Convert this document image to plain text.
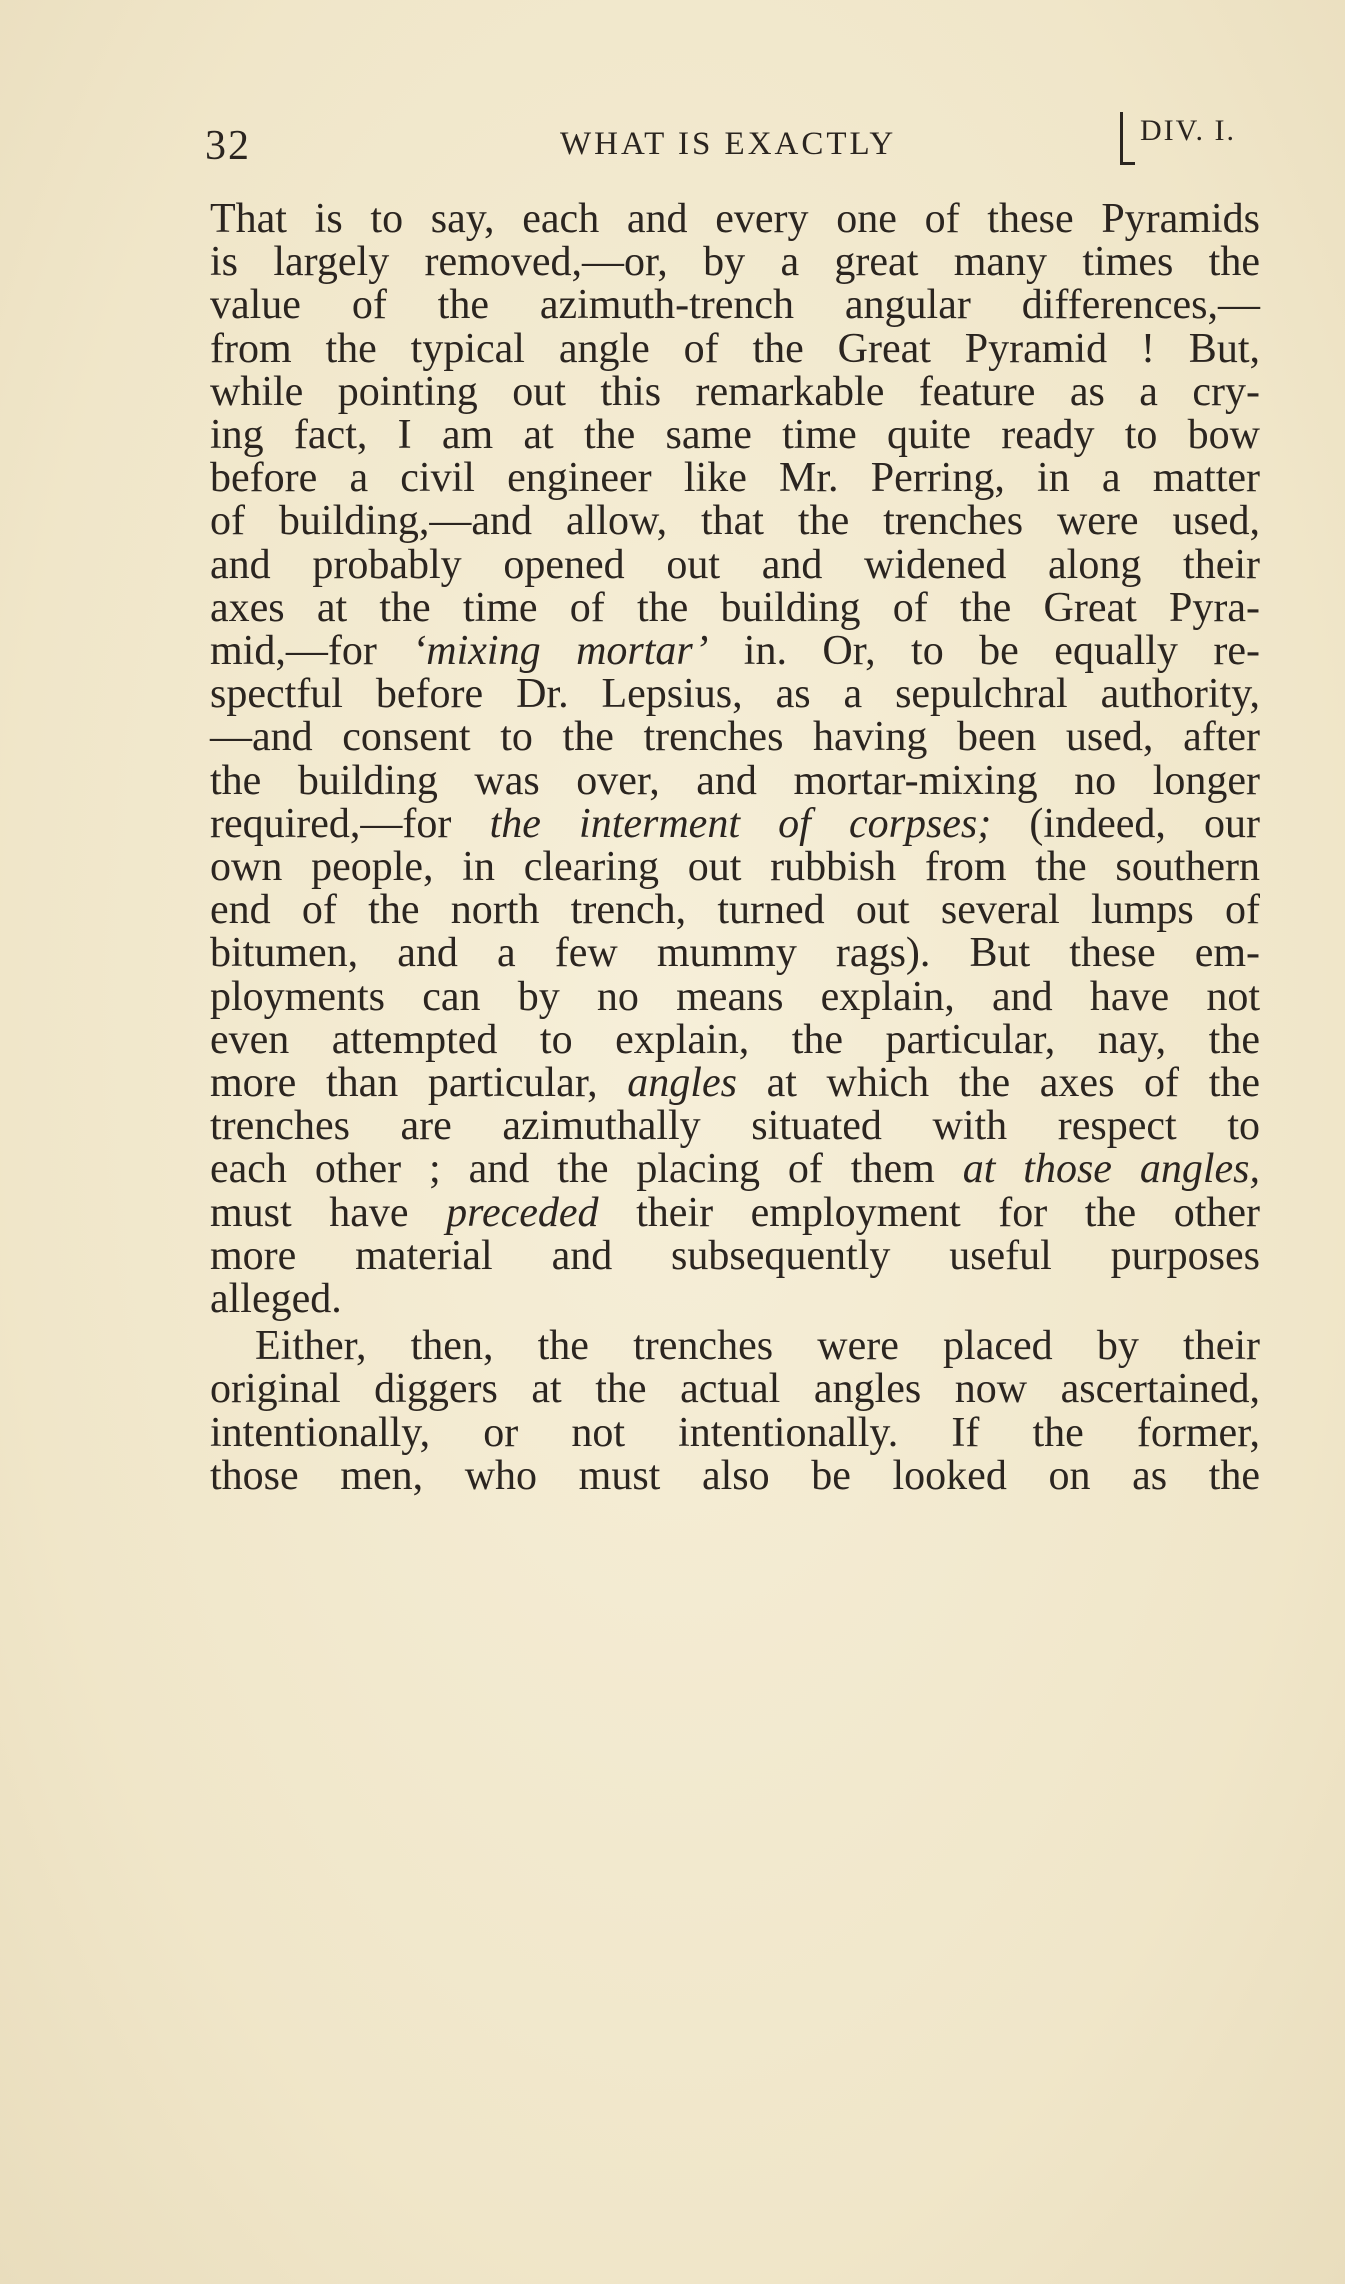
32	WHAT IS EXACTLY	DIV. I.
That is to say, each and every one of these Pyramids
is largely removed,—or, by a great many times the
value of the azimuth-trench angular differences,—
from the typical angle of the Great Pyramid ! But,
while pointing out this remarkable feature as a cry-
ing fact, I am at the same time quite ready to bow
before a civil engineer like Mr. Perring, in a matter
of building,—and allow, that the trenches were used,
and probably opened out and widened along their
axes at the time of the building of the Great Pyra-
mid,—for ‘mixing mortar’ in. Or, to be equally re-
spectful before Dr. Lepsius, as a sepulchral authority,
—and consent to the trenches having been used, after
the building was over, and mortar-mixing no longer
required,—for the interment of corpses; (indeed, our
own people, in clearing out rubbish from the southern
end of the north trench, turned out several lumps of
bitumen, and a few mummy rags). But these em-
ployments can by no means explain, and have not
even attempted to explain, the particular, nay, the
more than particular, angles at which the axes of the
trenches are azimuthally situated with respect to
each other ; and the placing of them at those angles,
must have preceded their employment for the other
more material and subsequently useful purposes
alleged.
Either, then, the trenches were placed by their
original diggers at the actual angles now ascertained,
intentionally, or not intentionally. If the former,
those men, who must also be looked on as the
